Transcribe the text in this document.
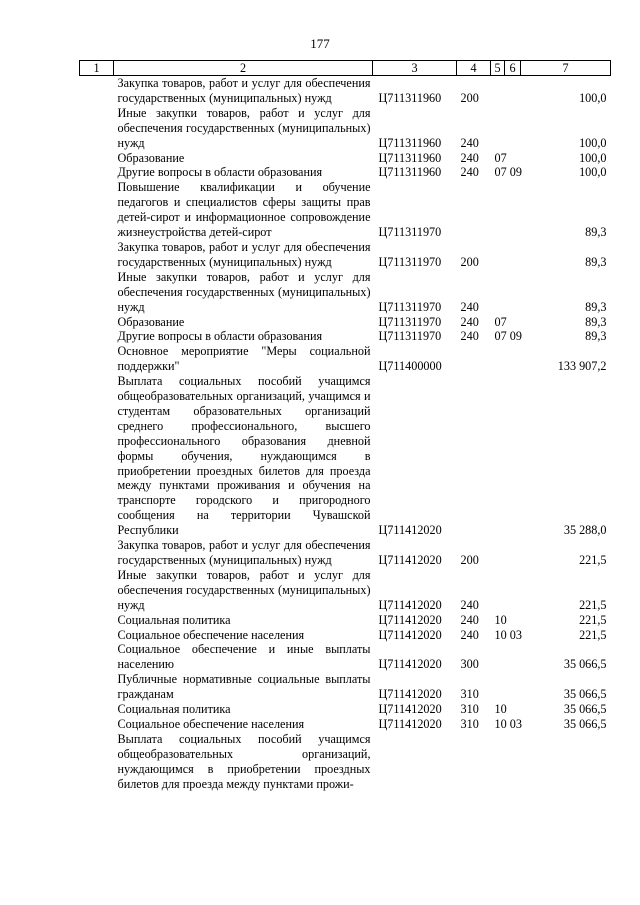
177
1	2	3	4	5	6	7
	Закупка товаров, работ и услуг для обеспечения государственных (муниципальных) нужд	Ц711311960	200			100,0
	Иные закупки товаров, работ и услуг для обеспечения государственных (муниципальных) нужд	Ц711311960	240			100,0
	Образование	Ц711311960	240	07		100,0
	Другие вопросы в области образования	Ц711311960	240	07 09		100,0
	Повышение квалификации и обучение педагогов и специалистов сферы защиты прав детей-сирот и информационное сопровождение жизнеустройства детей-сирот	Ц711311970				89,3
	Закупка товаров, работ и услуг для обеспечения государственных (муниципальных) нужд	Ц711311970	200			89,3
	Иные закупки товаров, работ и услуг для обеспечения государственных (муниципальных) нужд	Ц711311970	240			89,3
	Образование	Ц711311970	240	07		89,3
	Другие вопросы в области образования	Ц711311970	240	07 09		89,3
	Основное мероприятие "Меры социальной поддержки"	Ц711400000				133 907,2
	Выплата социальных пособий учащимся общеобразовательных организаций, учащимся и студентам образовательных организаций среднего профессионального, высшего профессионального образования дневной формы обучения, нуждающимся в приобретении проездных билетов для проезда между пунктами проживания и обучения на транспорте городского и пригородного сообщения на территории Чувашской Республики	Ц711412020				35 288,0
	Закупка товаров, работ и услуг для обеспечения государственных (муниципальных) нужд	Ц711412020	200			221,5
	Иные закупки товаров, работ и услуг для обеспечения государственных (муниципальных) нужд	Ц711412020	240			221,5
	Социальная политика	Ц711412020	240	10		221,5
	Социальное обеспечение населения	Ц711412020	240	10 03		221,5
	Социальное обеспечение и иные выплаты населению	Ц711412020	300			35 066,5
	Публичные нормативные социальные выплаты гражданам	Ц711412020	310			35 066,5
	Социальная политика	Ц711412020	310	10		35 066,5
	Социальное обеспечение населения	Ц711412020	310	10 03		35 066,5
	Выплата социальных пособий учащимся общеобразовательных организаций, нуждающимся в приобретении проездных билетов для проезда между пунктами прожи-					
